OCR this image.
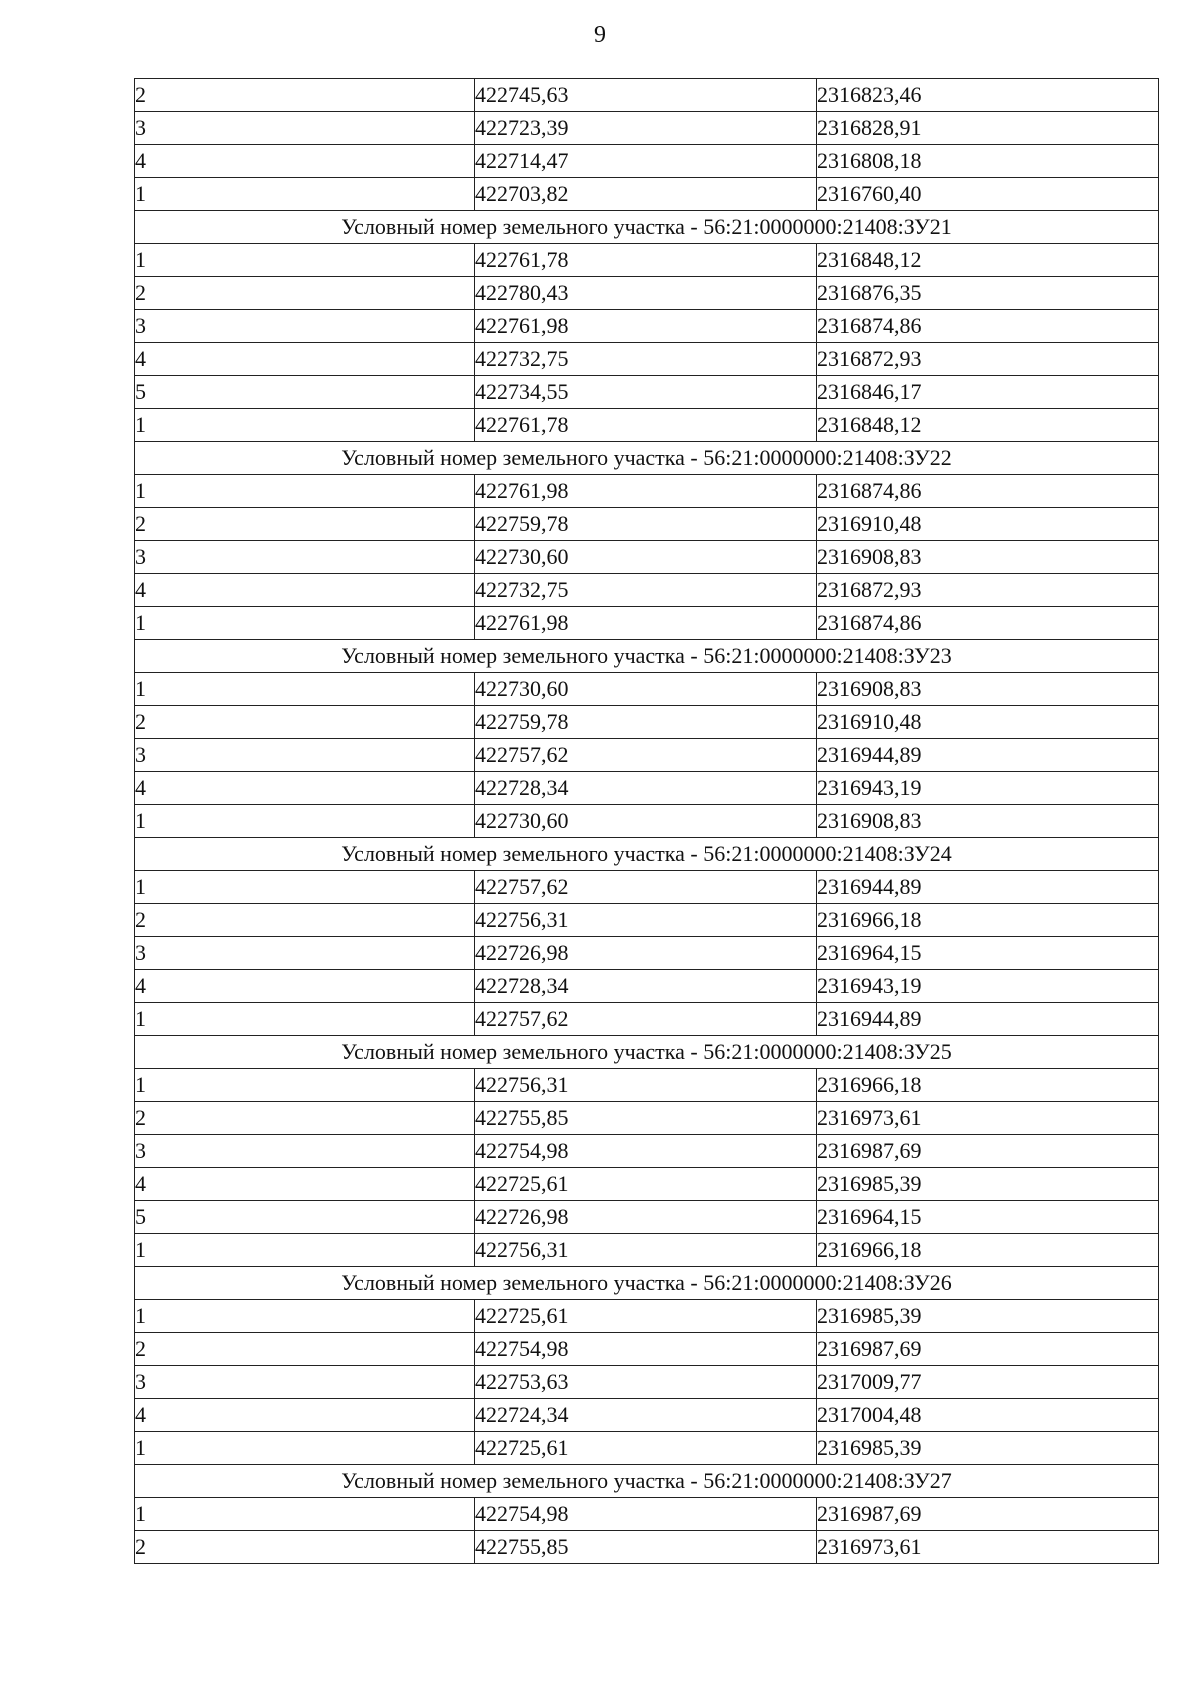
9
2	422745,63	2316823,46
3	422723,39	2316828,91
4	422714,47	2316808,18
1	422703,82	2316760,40
Условный номер земельного участка - 56:21:0000000:21408:ЗУ21		
1	422761,78	2316848,12
2	422780,43	2316876,35
3	422761,98	2316874,86
4	422732,75	2316872,93
5	422734,55	2316846,17
1	422761,78	2316848,12
Условный номер земельного участка - 56:21:0000000:21408:ЗУ22		
1	422761,98	2316874,86
2	422759,78	2316910,48
3	422730,60	2316908,83
4	422732,75	2316872,93
1	422761,98	2316874,86
Условный номер земельного участка - 56:21:0000000:21408:ЗУ23		
1	422730,60	2316908,83
2	422759,78	2316910,48
3	422757,62	2316944,89
4	422728,34	2316943,19
1	422730,60	2316908,83
Условный номер земельного участка - 56:21:0000000:21408:ЗУ24		
1	422757,62	2316944,89
2	422756,31	2316966,18
3	422726,98	2316964,15
4	422728,34	2316943,19
1	422757,62	2316944,89
Условный номер земельного участка - 56:21:0000000:21408:ЗУ25		
1	422756,31	2316966,18
2	422755,85	2316973,61
3	422754,98	2316987,69
4	422725,61	2316985,39
5	422726,98	2316964,15
1	422756,31	2316966,18
Условный номер земельного участка - 56:21:0000000:21408:ЗУ26		
1	422725,61	2316985,39
2	422754,98	2316987,69
3	422753,63	2317009,77
4	422724,34	2317004,48
1	422725,61	2316985,39
Условный номер земельного участка - 56:21:0000000:21408:ЗУ27		
1	422754,98	2316987,69
2	422755,85	2316973,61
